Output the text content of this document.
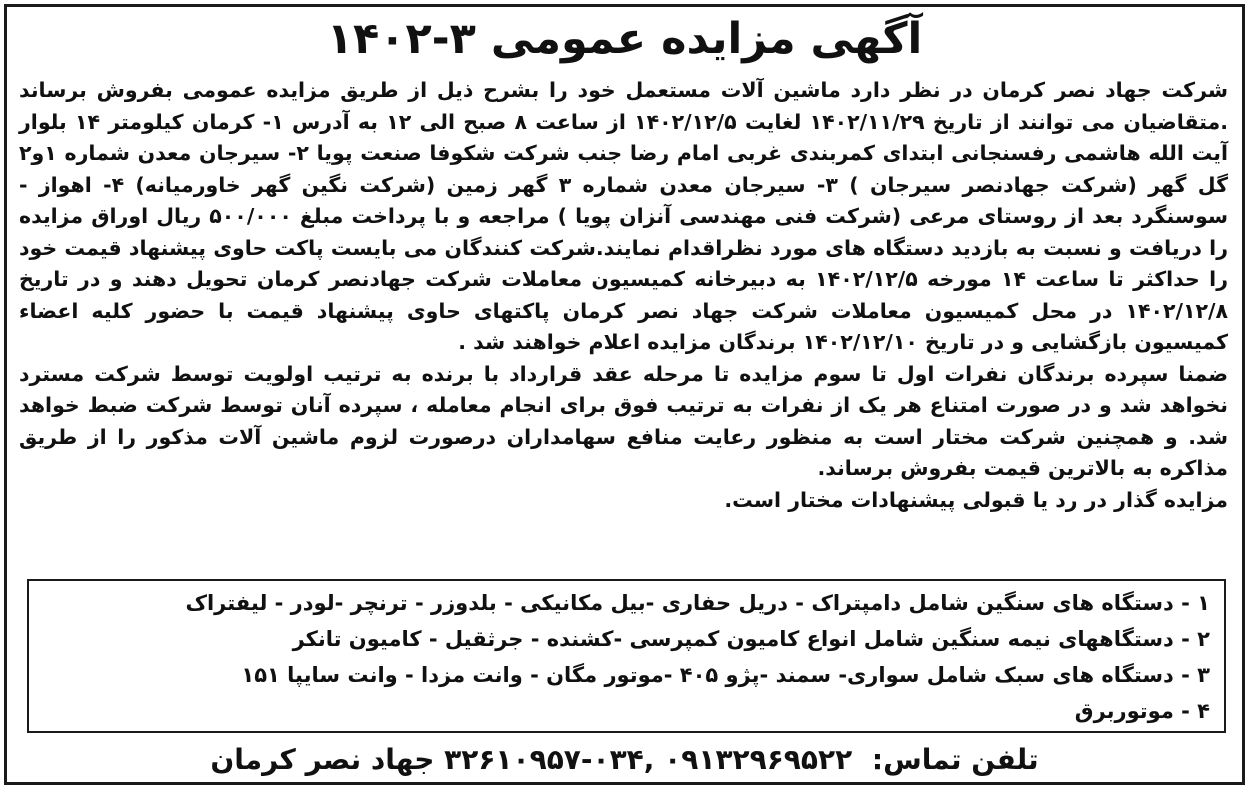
آگهی مزایده عمومی ۳-۱۴۰۲

شرکت جهاد نصر کرمان در نظر دارد ماشین آلات مستعمل خود را بشرح ذیل از طریق مزایده عمومی بفروش برساند .متقاضیان می توانند از تاریخ ۱۴۰۲/۱۱/۲۹ لغایت ۱۴۰۲/۱۲/۵ از ساعت ۸ صبح الی ۱۲ به آدرس ۱- کرمان کیلومتر ۱۴ بلوار آیت الله هاشمی رفسنجانی ابتدای کمربندی غربی امام رضا جنب شرکت شکوفا صنعت پویا ۲- سیرجان معدن شماره ۱و۲ گل گهر (شرکت جهادنصر سیرجان ) ۳- سیرجان معدن شماره ۳ گهر زمین (شرکت نگین گهر خاورمیانه) ۴- اهواز - سوسنگرد بعد از روستای مرعی (شرکت فنی مهندسی آنزان پویا ) مراجعه و با پرداخت مبلغ ۵۰۰/۰۰۰ ریال اوراق مزایده را دریافت و نسبت به بازدید دستگاه های مورد نظراقدام نمایند.شرکت کنندگان می بایست پاکت حاوی پیشنهاد قیمت خود را حداکثر تا ساعت ۱۴ مورخه ۱۴۰۲/۱۲/۵ به دبیرخانه کمیسیون معاملات شرکت جهادنصر کرمان تحویل دهند و در تاریخ ۱۴۰۲/۱۲/۸ در محل کمیسیون معاملات شرکت جهاد نصر کرمان پاکتهای حاوی پیشنهاد قیمت با حضور کلیه اعضاء کمیسیون بازگشایی و در تاریخ ۱۴۰۲/۱۲/۱۰ برندگان مزایده اعلام خواهند شد .

ضمنا سپرده برندگان نفرات اول تا سوم مزایده تا مرحله عقد قرارداد با برنده به ترتیب اولویت توسط شرکت مسترد نخواهد شد و در صورت امتناع هر یک از نفرات به ترتیب فوق برای انجام معامله ، سپرده آنان توسط شرکت ضبط خواهد شد. و همچنین شرکت مختار است به منظور رعایت منافع سهامداران درصورت لزوم ماشین آلات مذکور را از طریق مذاکره به بالاترین قیمت بفروش برساند.

مزایده گذار در رد یا قبولی پیشنهادات مختار است.

۱ - دستگاه های سنگین شامل دامپتراک - دریل حفاری -بیل مکانیکی - بلدوزر - ترنچر -لودر - لیفتراک
۲ - دستگاههای نیمه سنگین شامل انواع کامیون کمپرسی -کشنده - جرثقیل - کامیون تانکر
۳ - دستگاه های سبک شامل سواری- سمند -پژو ۴۰۵ -موتور مگان - وانت مزدا - وانت سایپا ۱۵۱
۴ - موتوربرق
تلفن تماس: ۰۹۱۳۲۹۶۹۵۲۲ ,۰۳۴-۳۲۶۱۰۹۵۷ جهاد نصر کرمان
